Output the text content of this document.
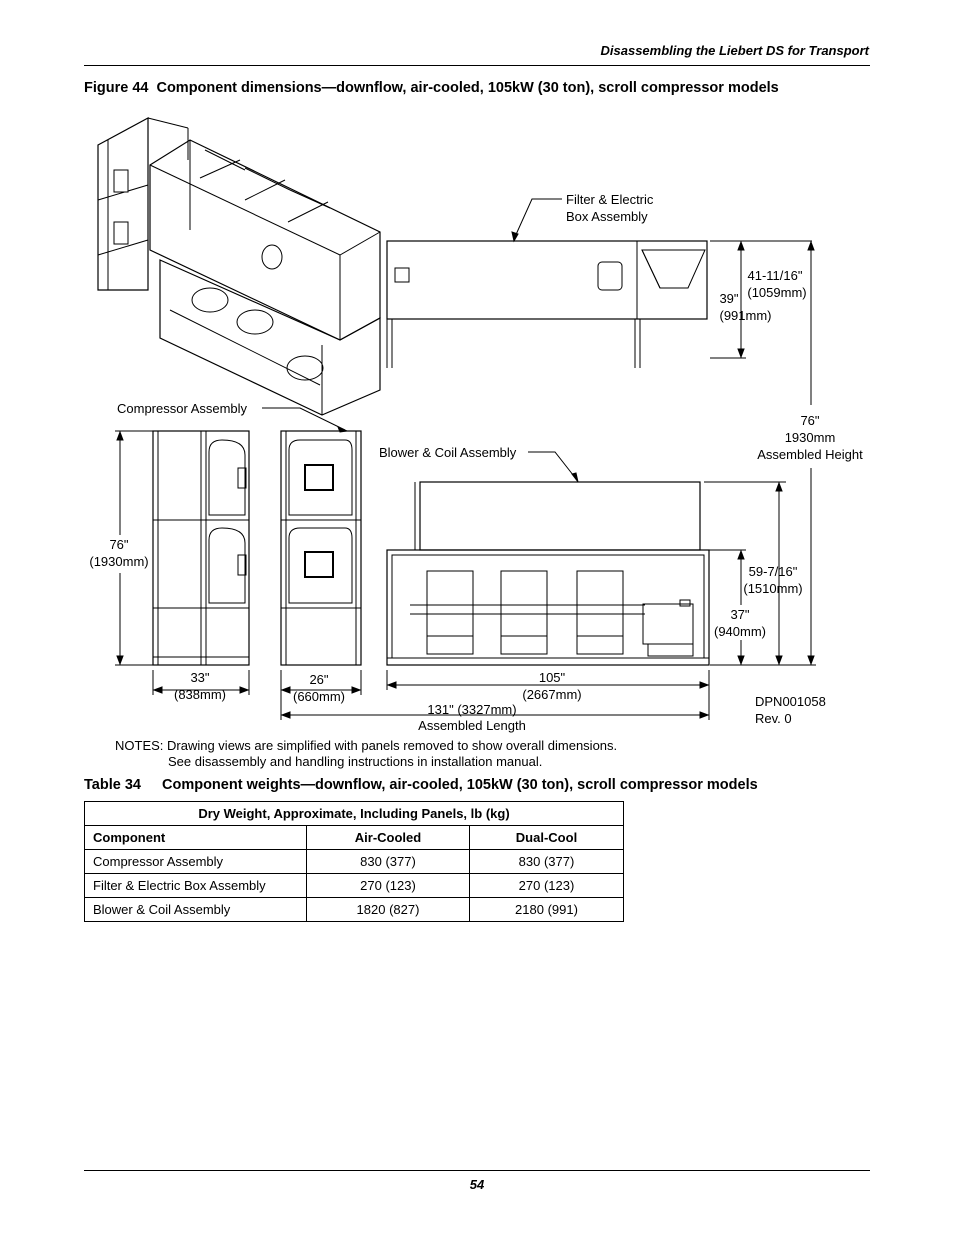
Disassembling the Liebert DS for Transport
Figure 44 Component dimensions—downflow, air-cooled, 105kW (30 ton), scroll compressor models
Filter & Electric
Box Assembly
41-11/16"
(1059mm)
39"
(991mm)
Compressor Assembly
76"
1930mm
Assembled Height
Blower & Coil Assembly
76"
(1930mm)
59-7/16"
(1510mm)
37"
(940mm)
33"
(838mm)
26"
(660mm)
105"
(2667mm)
131" (3327mm)
Assembled Length
DPN001058
Rev. 0
NOTES: Drawing views are simplified with panels removed to show overall dimensions.
See disassembly and handling instructions in installation manual.
Table 34 Component weights—downflow, air-cooled, 105kW (30 ton), scroll compressor models
Dry Weight, Approximate, Including Panels, lb (kg)		
Component	Air-Cooled	Dual-Cool
Compressor Assembly	830 (377)	830 (377)
Filter & Electric Box Assembly	270 (123)	270 (123)
Blower & Coil Assembly	1820 (827)	2180 (991)
54
